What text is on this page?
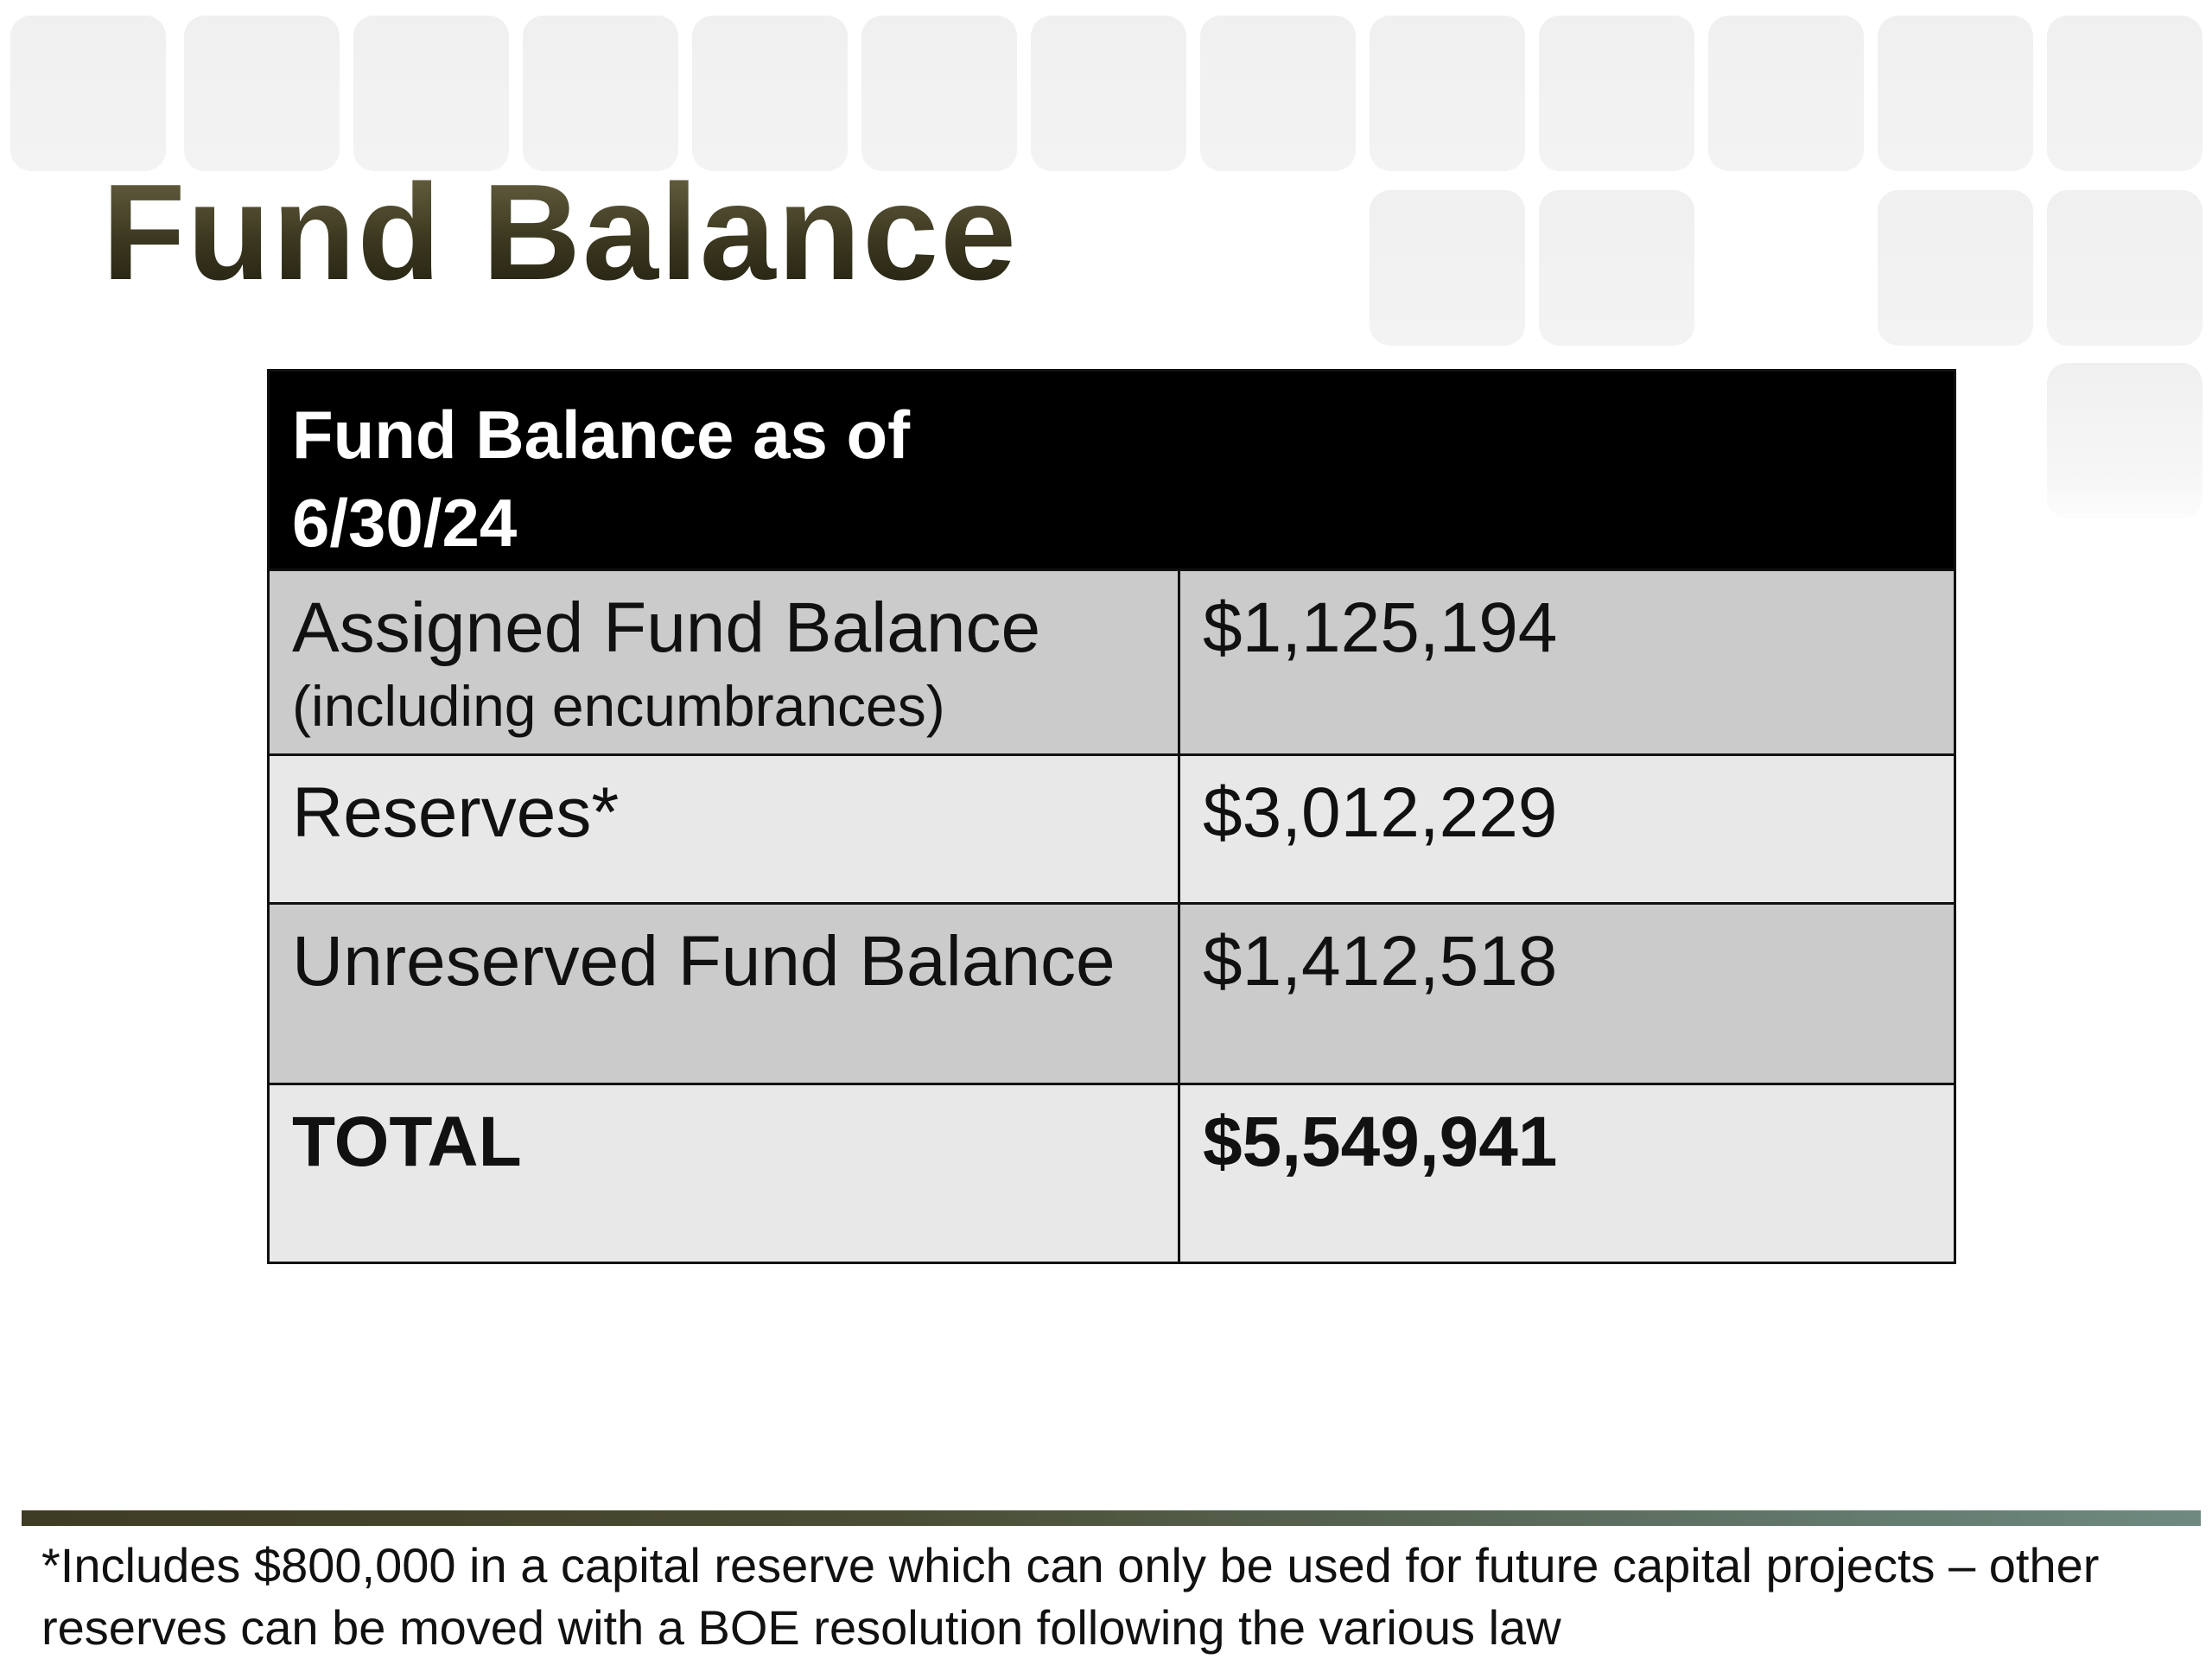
Fund Balance
Fund Balance as of 6/30/24	

Assigned Fund Balance
(including encumbrances)	$1,125,194

Reserves*	$3,012,229

Unreserved Fund Balance	$1,412,518

TOTAL	$5,549,941

*Includes $800,000 in a capital reserve which can only be used for future capital projects – other reserves can be moved with a BOE resolution following the various law
